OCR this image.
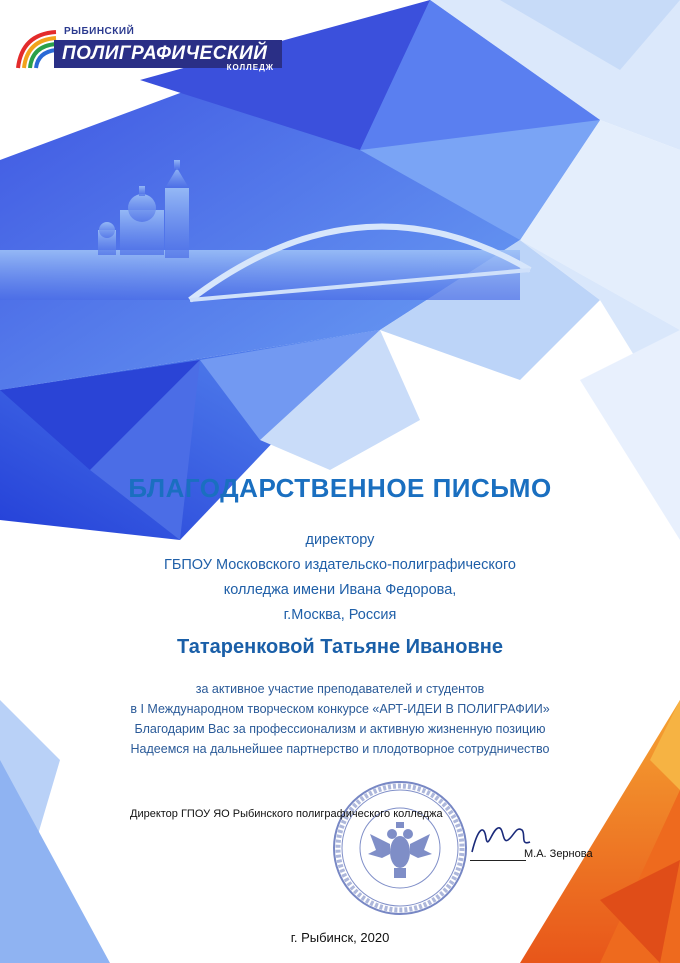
РЫБИНСКИЙ
ПОЛИГРАФИЧЕСКИЙ
КОЛЛЕДЖ
БЛАГОДАРСТВЕННОЕ ПИСЬМО
директору
ГБПОУ Московского издательско-полиграфического
колледжа имени Ивана Федорова,
г.Москва, Россия
Татаренковой Татьяне Ивановне
за активное участие преподавателей и студентов
в I Международном творческом конкурсе «АРТ-ИДЕИ В ПОЛИГРАФИИ»
Благодарим Вас за профессионализм и активную жизненную позицию
Надеемся на дальнейшее партнерство и плодотворное сотрудничество
Директор ГПОУ ЯО Рыбинского полиграфического колледжа
М.А. Зернова
г. Рыбинск, 2020
